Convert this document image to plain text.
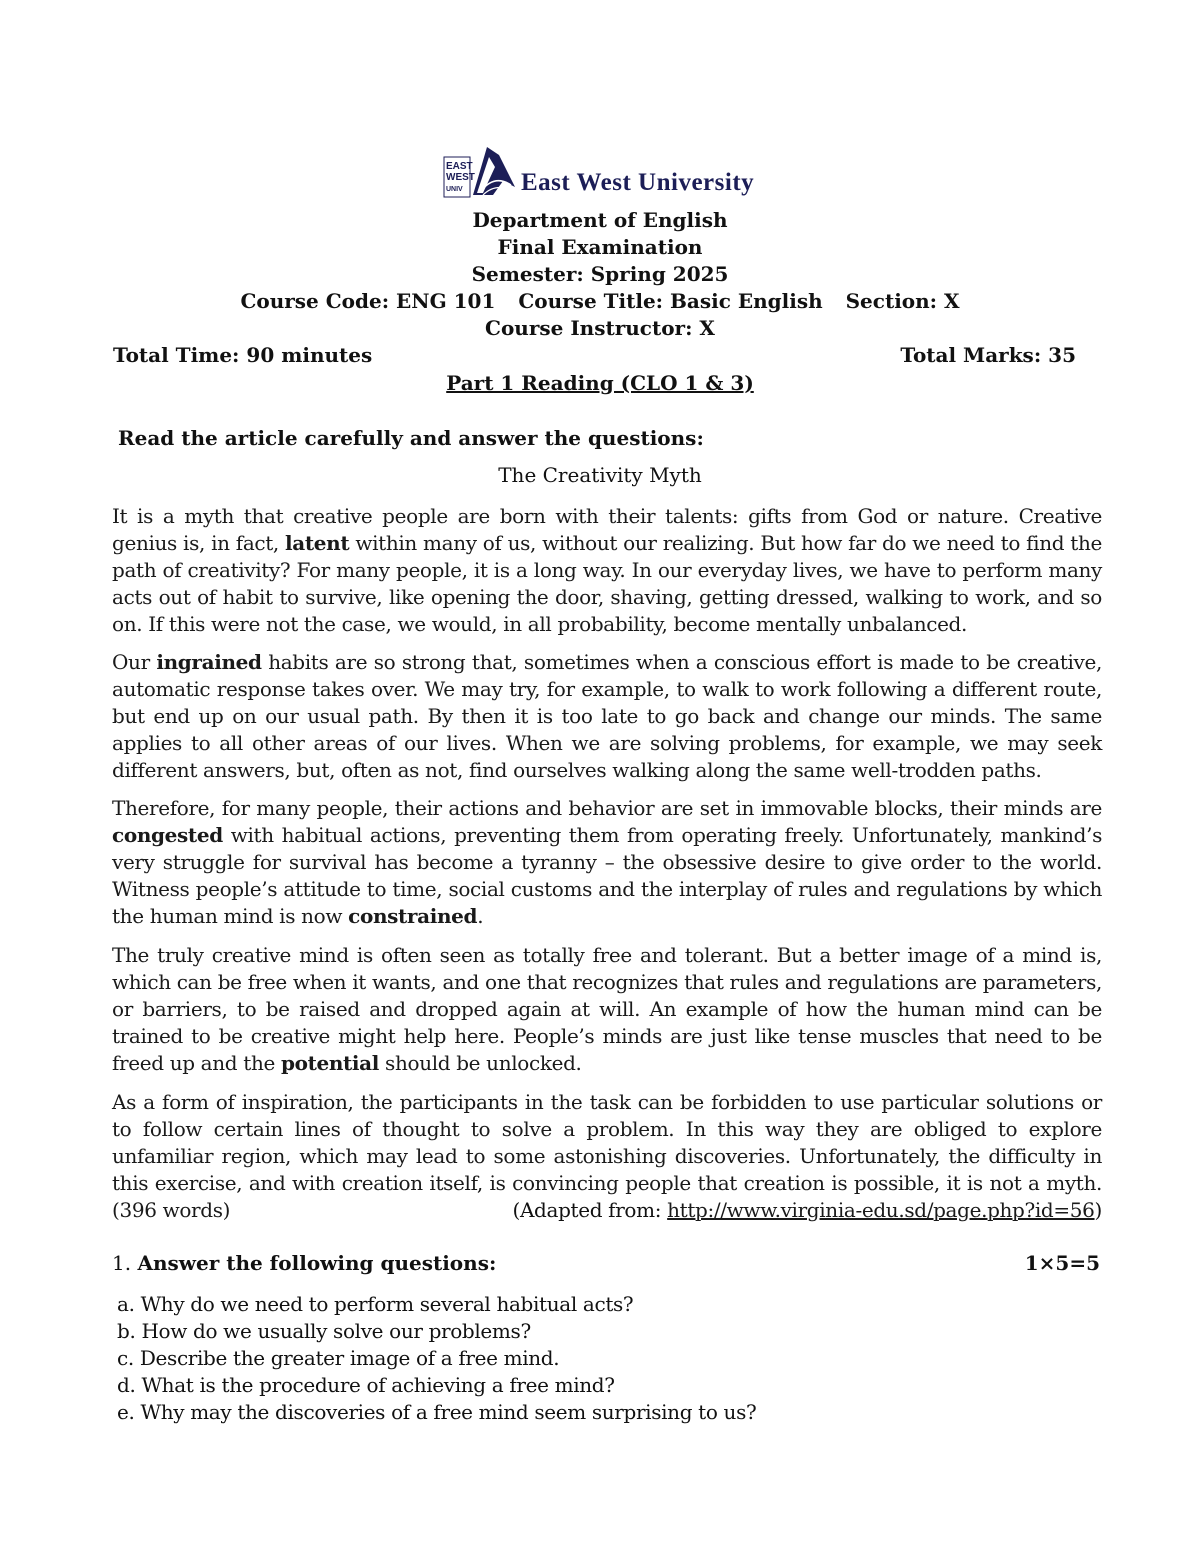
EAST
WEST
UNIV East West University
Department of English
Final Examination
Semester: Spring 2025
Course Code: ENG 101 Course Title: Basic English Section: X
Course Instructor: X
Total Time: 90 minutes	Total Marks: 35
Part 1 Reading (CLO 1 & 3)
Read the article carefully and answer the questions:
The Creativity Myth
It is a myth that creative people are born with their talents: gifts from God or nature. Creative genius is, in fact, latent within many of us, without our realizing. But how far do we need to find the path of creativity? For many people, it is a long way. In our everyday lives, we have to perform many acts out of habit to survive, like opening the door, shaving, getting dressed, walking to work, and so on. If this were not the case, we would, in all probability, become mentally unbalanced.
Our ingrained habits are so strong that, sometimes when a conscious effort is made to be creative, automatic response takes over. We may try, for example, to walk to work following a different route, but end up on our usual path. By then it is too late to go back and change our minds. The same applies to all other areas of our lives. When we are solving problems, for example, we may seek different answers, but, often as not, find ourselves walking along the same well-trodden paths.
Therefore, for many people, their actions and behavior are set in immovable blocks, their minds are congested with habitual actions, preventing them from operating freely. Unfortunately, mankind’s very struggle for survival has become a tyranny – the obsessive desire to give order to the world. Witness people’s attitude to time, social customs and the interplay of rules and regulations by which the human mind is now constrained.
The truly creative mind is often seen as totally free and tolerant. But a better image of a mind is, which can be free when it wants, and one that recognizes that rules and regulations are parameters, or barriers, to be raised and dropped again at will. An example of how the human mind can be trained to be creative might help here. People’s minds are just like tense muscles that need to be freed up and the potential should be unlocked.
As a form of inspiration, the participants in the task can be forbidden to use particular solutions or to follow certain lines of thought to solve a problem. In this way they are obliged to explore unfamiliar region, which may lead to some astonishing discoveries. Unfortunately, the difficulty in this exercise, and with creation itself, is convincing people that creation is possible, it is not a myth. (396 words)	(Adapted from: http://www.virginia-edu.sd/page.php?id=56)
1. Answer the following questions:	1×5=5
a. Why do we need to perform several habitual acts?
b. How do we usually solve our problems?
c. Describe the greater image of a free mind.
d. What is the procedure of achieving a free mind?
e. Why may the discoveries of a free mind seem surprising to us?
